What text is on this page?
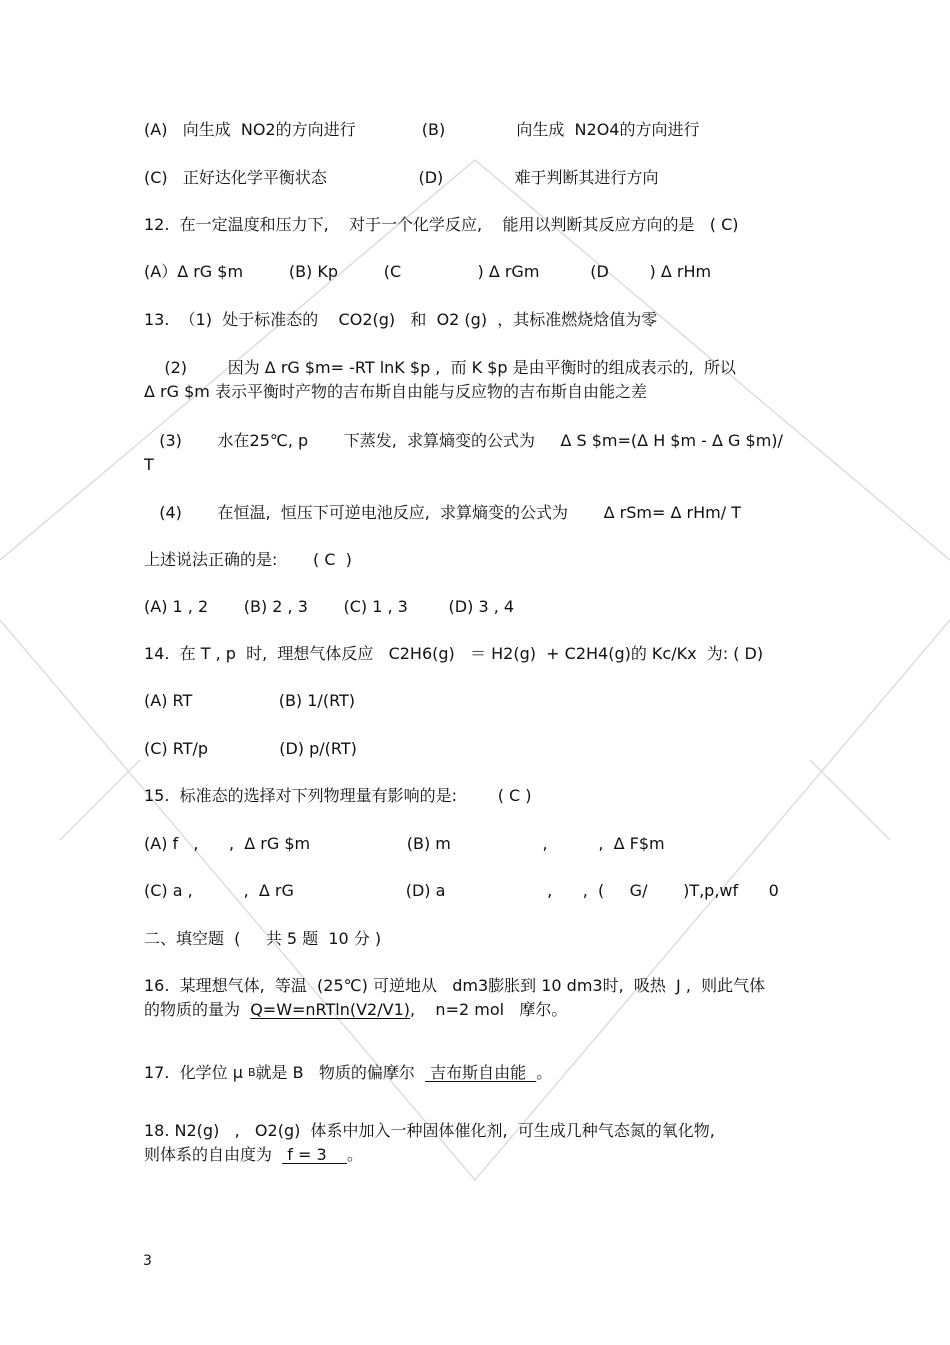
(A)   向生成  NO2的方向进行             (B)              向生成  N2O4的方向进行
(C)   正好达化学平衡状态                  (D)              难于判断其进行方向
12.  在一定温度和压力下,    对于一个化学反应,    能用以判断其反应方向的是   ( C)
(A）Δ rG $m         (B) Kp         (C               ) Δ rGm          (D        ) Δ rHm
13.  （1)  处于标准态的    CO2(g)   和  O2 (g)  ，其标准燃烧焓值为零
(2)        因为 Δ rG $m= -RT lnK $p ,  而 K $p 是由平衡时的组成表示的,  所以
Δ rG $m 表示平衡时产物的吉布斯自由能与反应物的吉布斯自由能之差
(3)       水在25℃, p       下蒸发,  求算熵变的公式为     Δ S $m=(Δ H $m - Δ G $m)/
T
(4)       在恒温,  恒压下可逆电池反应,  求算熵变的公式为       Δ rSm= Δ rHm/ T
上述说法正确的是:       ( C  )
(A) 1 , 2       (B) 2 , 3       (C) 1 , 3        (D) 3 , 4
14.  在 T , p  时,  理想气体反应   C2H6(g)   ＝ H2(g)  + C2H4(g)的 Kc/Kx  为: ( D)
(A) RT                 (B) 1/(RT)
(C) RT/p              (D) p/(RT)
15.  标准态的选择对下列物理量有影响的是:        ( C )
(A) f   ,      ,  Δ rG $m                   (B) m                  ,          ,  Δ F$m
(C) a ,          ,  Δ rG                      (D) a                    ,      ,  (     G/       )T,p,wf      0
二、填空题  (     共 5 题  10 分 )
16.  某理想气体,  等温  (25℃) 可逆地从   dm3膨胀到 10 dm3时,  吸热  J ,  则此气体
的物质的量为  Q=W=nRTln(V2/V1),    n=2 mol   摩尔。
17.  化学位 μ B就是 B   物质的偏摩尔   吉布斯自由能  。
18. N2(g)   ,   O2(g)  体系中加入一种固体催化剂,  可生成几种气态氮的氧化物,
则体系的自由度为   f = 3    。
3
